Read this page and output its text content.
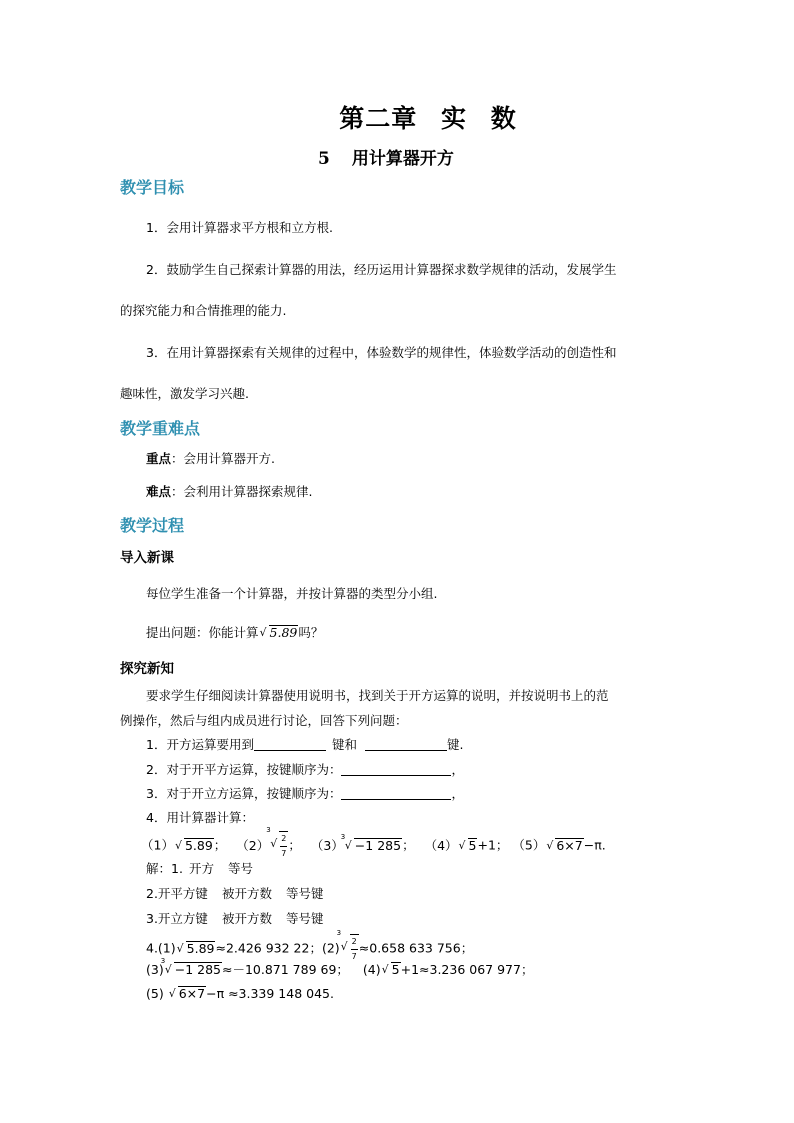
第二章 实 数
5 用计算器开方
教学目标
1．会用计算器求平方根和立方根.
2．鼓励学生自己探索计算器的用法，经历运用计算器探求数学规律的活动，发展学生
的探究能力和合情推理的能力.
3．在用计算器探索有关规律的过程中，体验数学的规律性，体验数学活动的创造性和
趣味性，激发学习兴趣.
教学重难点
重点：会用计算器开方.
难点：会利用计算器探索规律.
教学过程
导入新课
每位学生准备一个计算器，并按计算器的类型分小组.
提出问题：你能计算 √ 5.89吗？
探究新知
要求学生仔细阅读计算器使用说明书，找到关于开方运算的说明，并按说明书上的范
例操作，然后与组内成员进行讨论，回答下列问题：
1．开方运算要用到	键和	键.
2．对于开平方运算，按键顺序为：	，
3．对于开立方运算，按键顺序为：	，
4．用计算器计算：
（1） √ 5.89； （2）
3
√ $\frac{2}{7}$ ； （3）
3
√ −1 285； （4） √ 5+1； （5） √ 6×7−π.
解：1. 开方 等号
2.开平方键 被开方数 等号键
3.开立方键 被开方数 等号键
4.(1) √ 5.89≈2.426 932 22；(2)
3
√ $\frac{2}{7} \approx 0.658$ 633 756；
(3)
3
√ −1 285≈－10.871 789 69； (4) √ 5+1≈3.236 067 977；
(5) √ 6×7−π ≈3.339 148 045.
